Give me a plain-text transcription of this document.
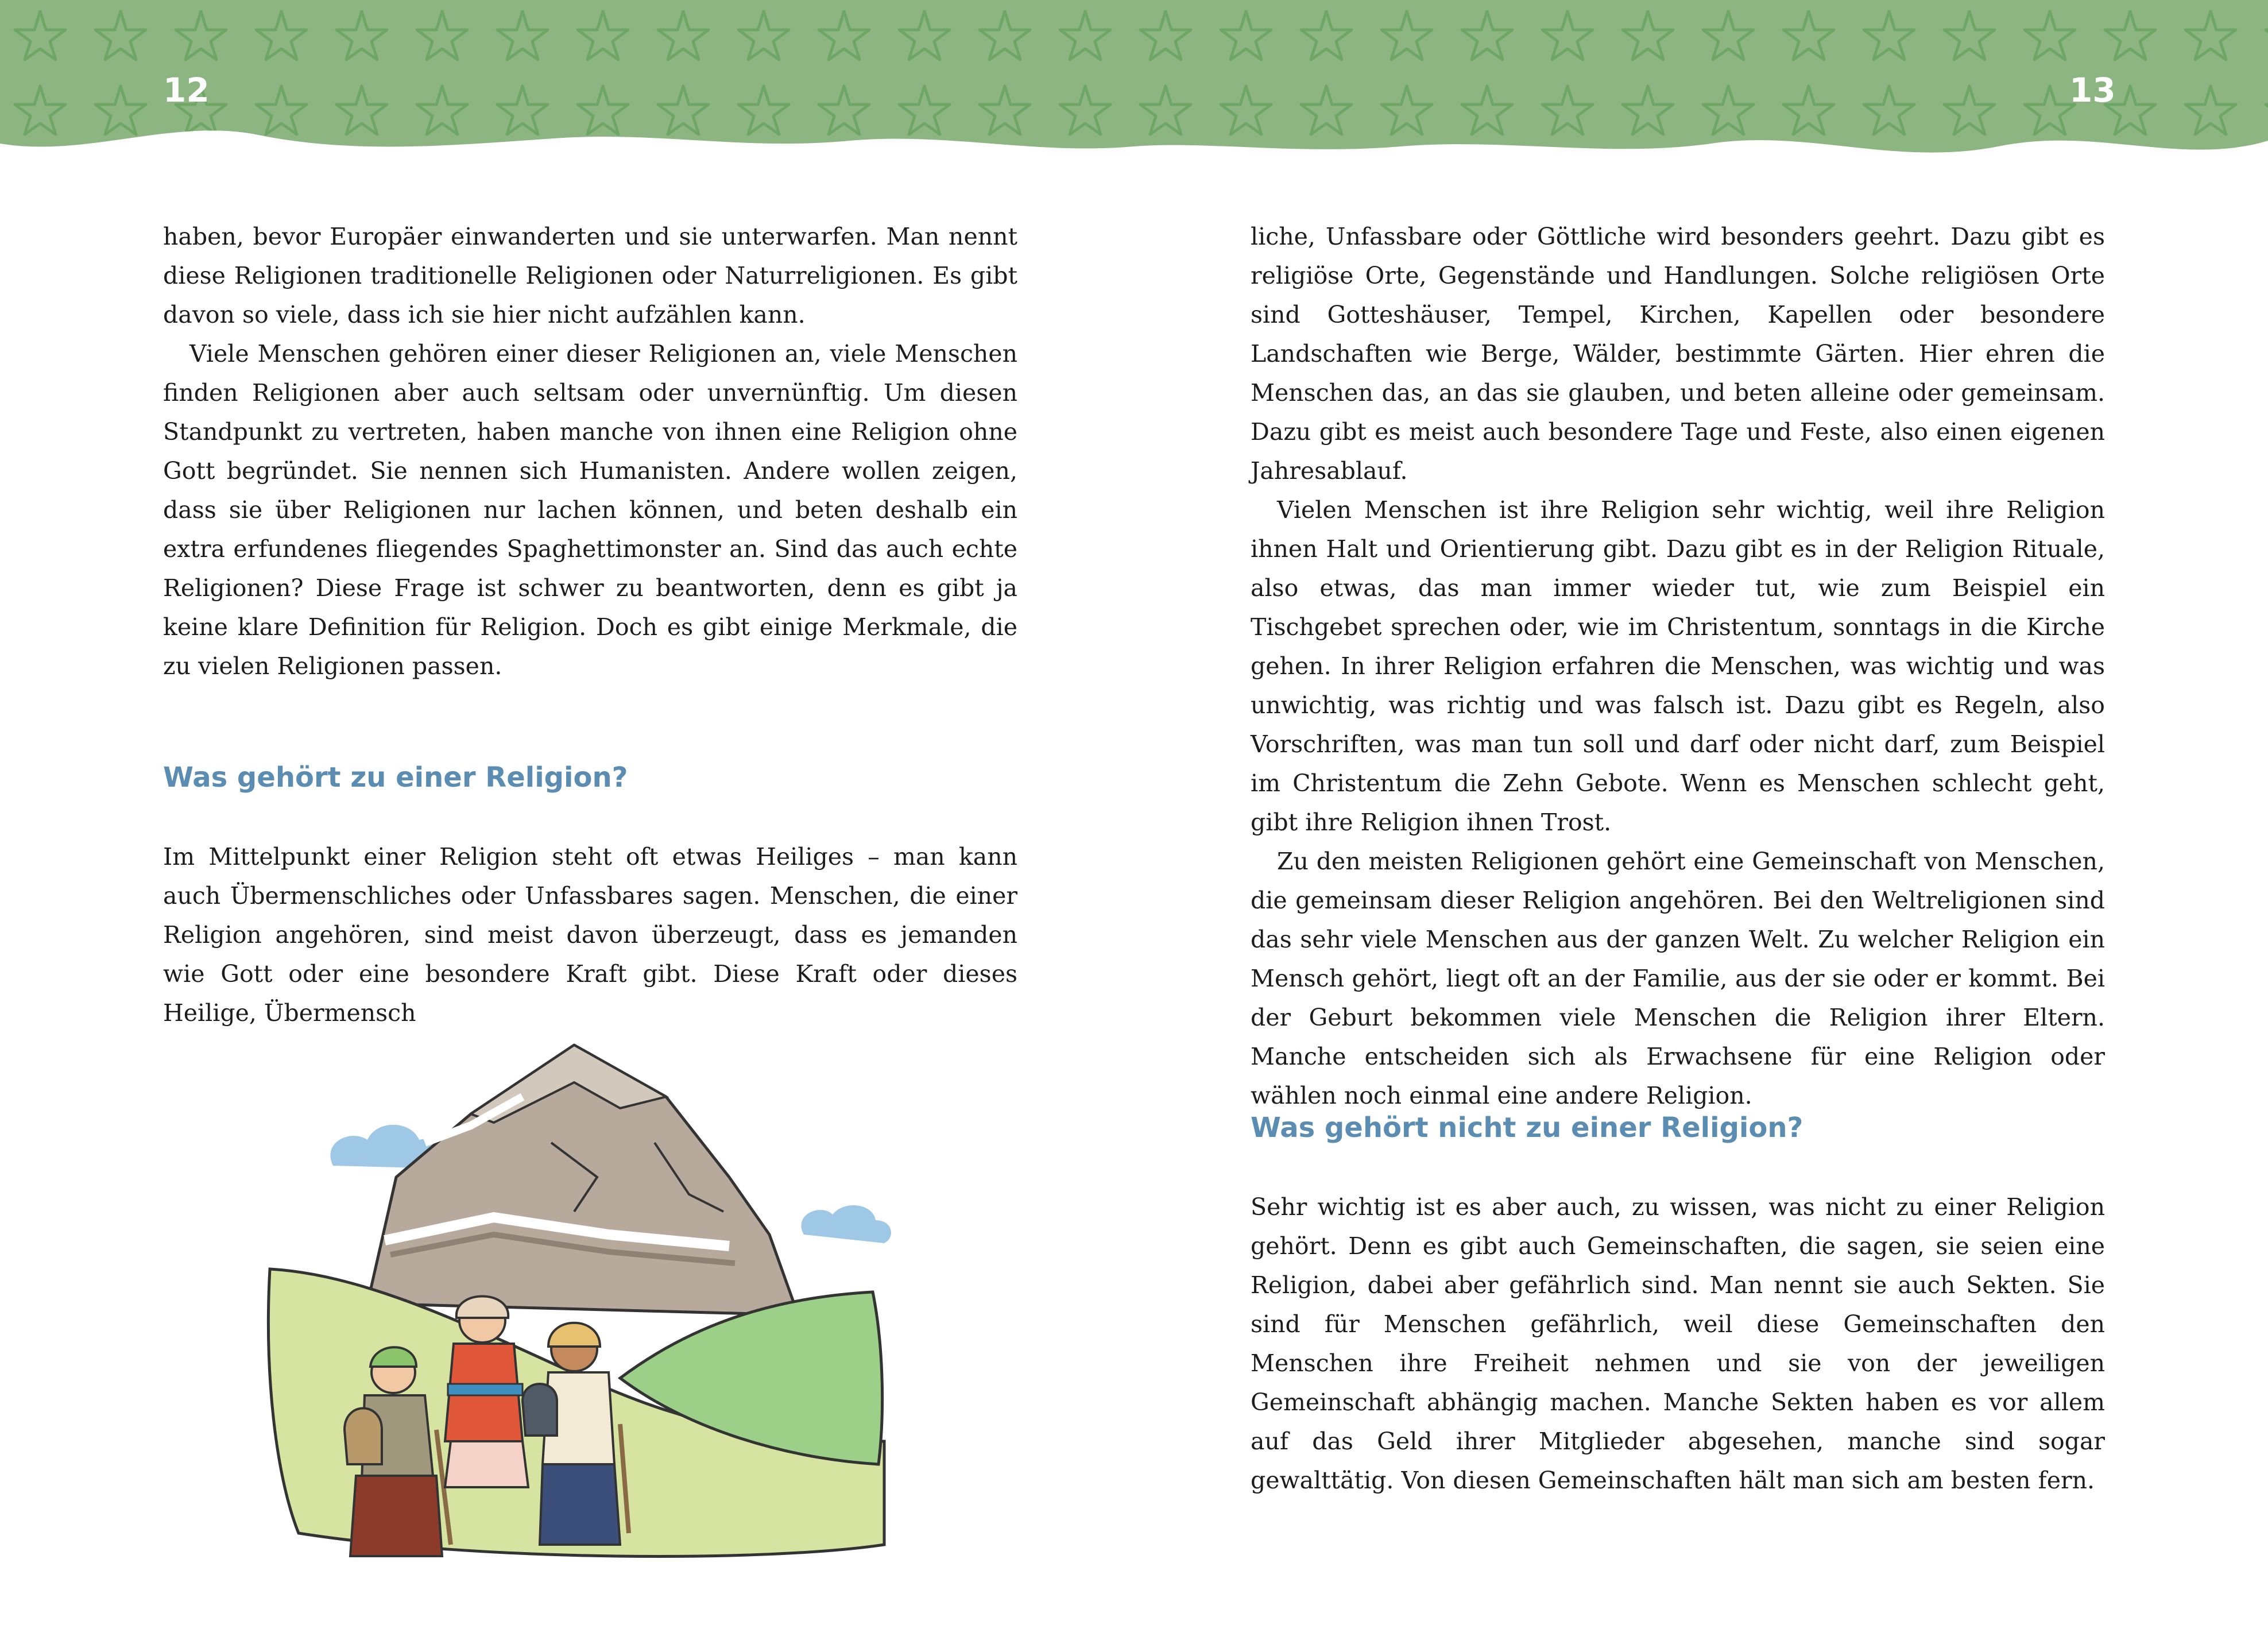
12	13

haben, bevor Europäer einwanderten und sie unterwarfen. Man nennt diese Religionen traditionelle Religionen oder Naturreligionen. Es gibt davon so viele, dass ich sie hier nicht aufzählen kann.

Viele Menschen gehören einer dieser Religionen an, viele Menschen finden Religionen aber auch seltsam oder unvernünftig. Um diesen Standpunkt zu vertreten, haben manche von ihnen eine Religion ohne Gott begründet. Sie nennen sich Humanisten. Andere wollen zeigen, dass sie über Religionen nur lachen können, und beten deshalb ein extra erfundenes fliegendes Spaghettimonster an. Sind das auch echte Religionen? Diese Frage ist schwer zu beantworten, denn es gibt ja keine klare Definition für Religion. Doch es gibt einige Merkmale, die zu vielen Religionen passen.

Was gehört zu einer Religion?

Im Mittelpunkt einer Religion steht oft etwas Heiliges – man kann auch Übermenschliches oder Unfassbares sagen. Menschen, die einer Religion angehören, sind meist davon überzeugt, dass es jemanden wie Gott oder eine besondere Kraft gibt. Diese Kraft oder dieses Heilige, Übermensch

liche, Unfassbare oder Göttliche wird besonders geehrt. Dazu gibt es religiöse Orte, Gegenstände und Handlungen. Solche religiösen Orte sind Gotteshäuser, Tempel, Kirchen, Kapellen oder besondere Landschaften wie Berge, Wälder, bestimmte Gärten. Hier ehren die Menschen das, an das sie glauben, und beten alleine oder gemeinsam. Dazu gibt es meist auch besondere Tage und Feste, also einen eigenen Jahresablauf.

Vielen Menschen ist ihre Religion sehr wichtig, weil ihre Religion ihnen Halt und Orientierung gibt. Dazu gibt es in der Religion Rituale, also etwas, das man immer wieder tut, wie zum Beispiel ein Tischgebet sprechen oder, wie im Christentum, sonntags in die Kirche gehen. In ihrer Religion erfahren die Menschen, was wichtig und was unwichtig, was richtig und was falsch ist. Dazu gibt es Regeln, also Vorschriften, was man tun soll und darf oder nicht darf, zum Beispiel im Christentum die Zehn Gebote. Wenn es Menschen schlecht geht, gibt ihre Religion ihnen Trost.

Zu den meisten Religionen gehört eine Gemeinschaft von Menschen, die gemeinsam dieser Religion angehören. Bei den Weltreligionen sind das sehr viele Menschen aus der ganzen Welt. Zu welcher Religion ein Mensch gehört, liegt oft an der Familie, aus der sie oder er kommt. Bei der Geburt bekommen viele Menschen die Religion ihrer Eltern. Manche entscheiden sich als Erwachsene für eine Religion oder wählen noch einmal eine andere Religion.

Was gehört nicht zu einer Religion?

Sehr wichtig ist es aber auch, zu wissen, was nicht zu einer Religion gehört. Denn es gibt auch Gemeinschaften, die sagen, sie seien eine Religion, dabei aber gefährlich sind. Man nennt sie auch Sekten. Sie sind für Menschen gefährlich, weil diese Gemeinschaften den Menschen ihre Freiheit nehmen und sie von der jeweiligen Gemeinschaft abhängig machen. Manche Sekten haben es vor allem auf das Geld ihrer Mitglieder abgesehen, manche sind sogar gewalttätig. Von diesen Gemeinschaften hält man sich am besten fern.
